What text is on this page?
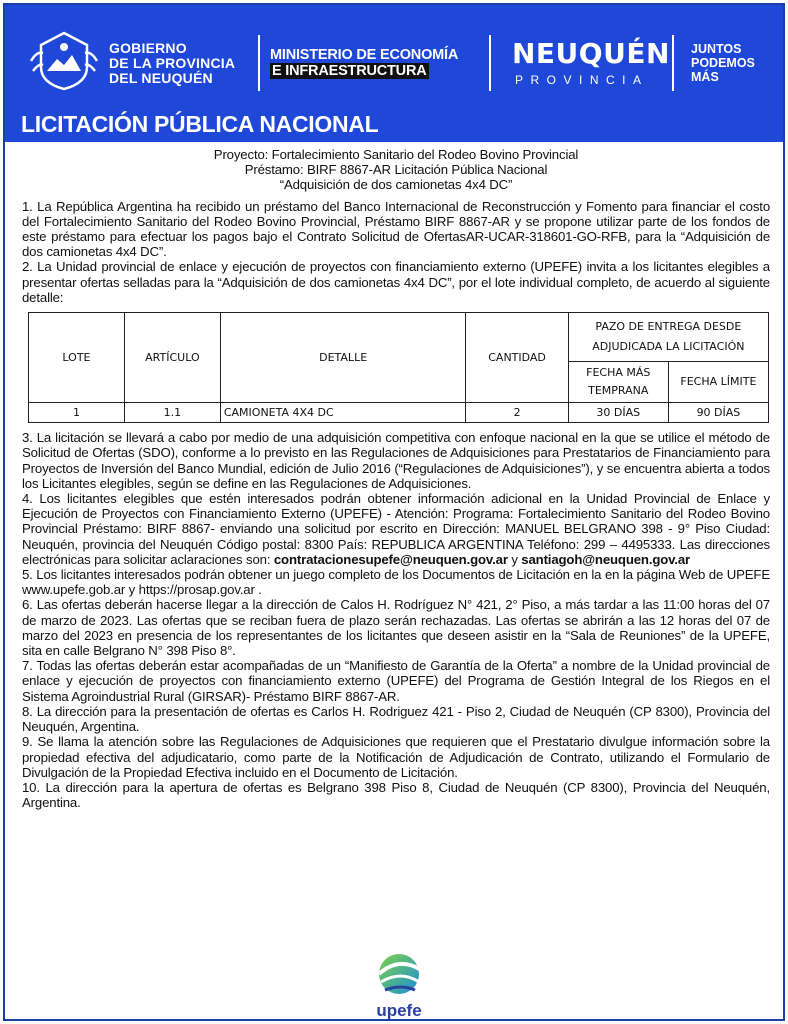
GOBIERNO
DE LA PROVINCIA
DEL NEUQUÉN
MINISTERIO DE ECONOMÍA
E INFRAESTRUCTURA
NEUQUÉN
PROVINCIA
JUNTOS
PODEMOS
MÁS
LICITACIÓN PÚBLICA NACIONAL
Proyecto: Fortalecimiento Sanitario del Rodeo Bovino Provincial
Préstamo: BIRF 8867-AR Licitación Pública Nacional
“Adquisición de dos camionetas 4x4 DC”

1. La República Argentina ha recibido un préstamo del Banco Internacional de Reconstrucción y Fomento para financiar el costo del Fortalecimiento Sanitario del Rodeo Bovino Provincial, Préstamo BIRF 8867-AR y se propone utilizar parte de los fondos de este préstamo para efectuar los pagos bajo el Contrato Solicitud de OfertasAR-UCAR-318601-GO-RFB, para la “Adquisición de dos camionetas 4x4 DC”.

2. La Unidad provincial de enlace y ejecución de proyectos con financiamiento externo (UPEFE) invita a los licitantes elegibles a presentar ofertas selladas para la “Adquisición de dos camionetas 4x4 DC”, por el lote individual completo, de acuerdo al siguiente detalle:

LOTE	ARTÍCULO	DETALLE	CANTIDAD	PAZO DE ENTREGA DESDE ADJUDICADA LA LICITACIÓN	
				FECHA MÁS TEMPRANA	FECHA LÍMITE
1	1.1	CAMIONETA 4X4 DC	2	30 DÍAS	90 DÍAS

3. La licitación se llevará a cabo por medio de una adquisición competitiva con enfoque nacional en la que se utilice el método de Solicitud de Ofertas (SDO), conforme a lo previsto en las Regulaciones de Adquisiciones para Prestatarios de Financiamiento para Proyectos de Inversión del Banco Mundial, edición de Julio 2016 (“Regulaciones de Adquisiciones”), y se encuentra abierta a todos los Licitantes elegibles, según se define en las Regulaciones de Adquisiciones.

4. Los licitantes elegibles que estén interesados podrán obtener información adicional en la Unidad Provincial de Enlace y Ejecución de Proyectos con Financiamiento Externo (UPEFE) - Atención: Programa: Fortalecimiento Sanitario del Rodeo Bovino Provincial Préstamo: BIRF 8867- enviando una solicitud por escrito en Dirección: MANUEL BELGRANO 398 - 9° Piso Ciudad: Neuquén, provincia del Neuquén Código postal: 8300 País: REPUBLICA ARGENTINA Teléfono: 299 – 4495333. Las direcciones electrónicas para solicitar aclaraciones son: contratacionesupefe@neuquen.gov.ar y santiagoh@neuquen.gov.ar

5. Los licitantes interesados podrán obtener un juego completo de los Documentos de Licitación en la en la página Web de UPEFE www.upefe.gob.ar y https://prosap.gov.ar .

6. Las ofertas deberán hacerse llegar a la dirección de Calos H. Rodríguez N° 421, 2° Piso, a más tardar a las 11:00 horas del 07 de marzo de 2023. Las ofertas que se reciban fuera de plazo serán rechazadas. Las ofertas se abrirán a las 12 horas del 07 de marzo del 2023 en presencia de los representantes de los licitantes que deseen asistir en la “Sala de Reuniones” de la UPEFE, sita en calle Belgrano N° 398 Piso 8°.

7. Todas las ofertas deberán estar acompañadas de un “Manifiesto de Garantía de la Oferta” a nombre de la Unidad provincial de enlace y ejecución de proyectos con financiamiento externo (UPEFE) del Programa de Gestión Integral de los Riegos en el Sistema Agroindustrial Rural (GIRSAR)- Préstamo BIRF 8867-AR.

8. La dirección para la presentación de ofertas es Carlos H. Rodriguez 421 - Piso 2, Ciudad de Neuquén (CP 8300), Provincia del Neuquén, Argentina.

9. Se llama la atención sobre las Regulaciones de Adquisiciones que requieren que el Prestatario divulgue información sobre la propiedad efectiva del adjudicatario, como parte de la Notificación de Adjudicación de Contrato, utilizando el Formulario de Divulgación de la Propiedad Efectiva incluido en el Documento de Licitación.

10. La dirección para la apertura de ofertas es Belgrano 398 Piso 8, Ciudad de Neuquén (CP 8300), Provincia del Neuquén, Argentina.

upefe
